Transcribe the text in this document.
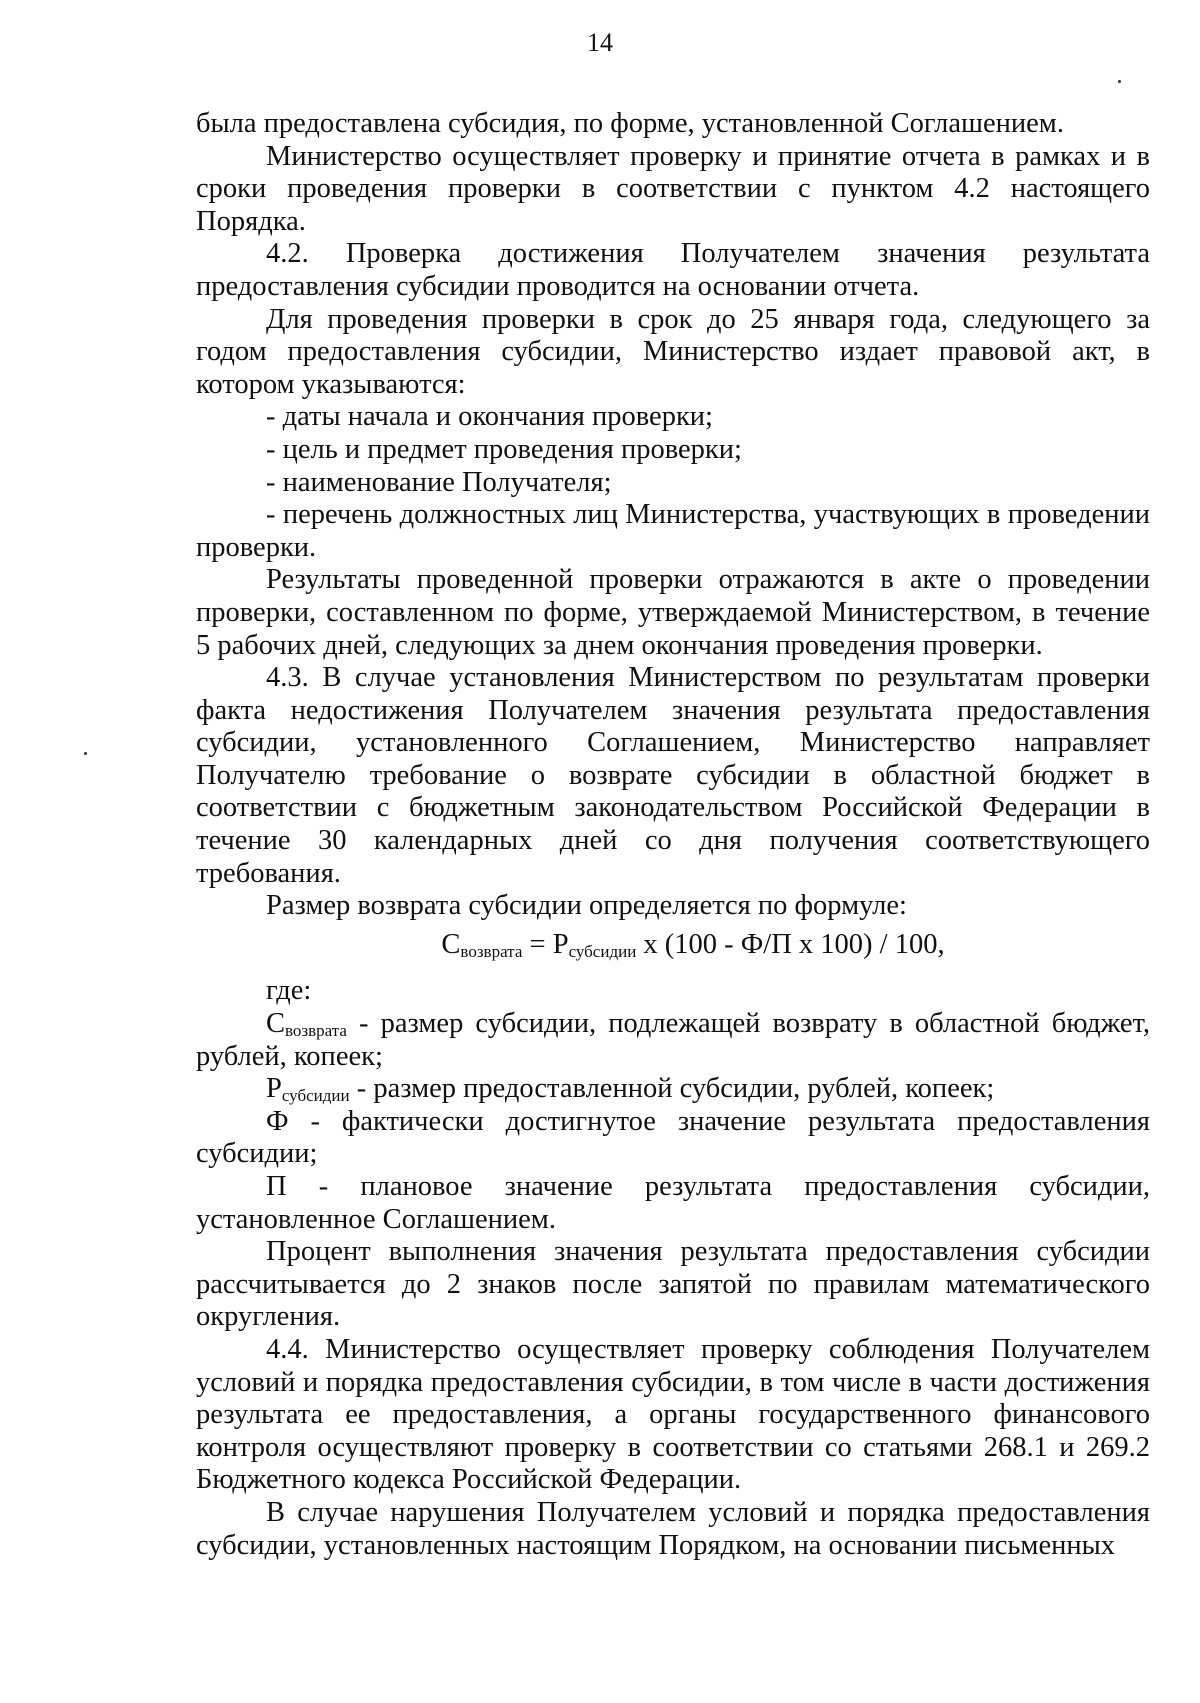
14

была предоставлена субсидия, по форме, установленной Соглашением.

Министерство осуществляет проверку и принятие отчета в рамках и в сроки проведения проверки в соответствии с пунктом 4.2 настоящего Порядка.

4.2. Проверка достижения Получателем значения результата предоставления субсидии проводится на основании отчета.

Для проведения проверки в срок до 25 января года, следующего за годом предоставления субсидии, Министерство издает правовой акт, в котором указываются:

- даты начала и окончания проверки;

- цель и предмет проведения проверки;

- наименование Получателя;

- перечень должностных лиц Министерства, участвующих в проведении проверки.

Результаты проведенной проверки отражаются в акте о проведении проверки, составленном по форме, утверждаемой Министерством, в течение 5 рабочих дней, следующих за днем окончания проведения проверки.

4.3. В случае установления Министерством по результатам проверки факта недостижения Получателем значения результата предоставления субсидии, установленного Соглашением, Министерство направляет Получателю требование о возврате субсидии в областной бюджет в соответствии с бюджетным законодательством Российской Федерации в течение 30 календарных дней со дня получения соответствующего требования.

Размер возврата субсидии определяется по формуле:

$С_{возврата} = Р_{субсидии}$ х (100 - Ф/П х 100) / 100,

где:

$С_{возврата}$ - размер субсидии, подлежащей возврату в областной бюджет, рублей, копеек;

$Р_{субсидии}$ - размер предоставленной субсидии, рублей, копеек;

Ф - фактически достигнутое значение результата предоставления субсидии;

П - плановое значение результата предоставления субсидии, установленное Соглашением.

Процент выполнения значения результата предоставления субсидии рассчитывается до 2 знаков после запятой по правилам математического округления.

4.4. Министерство осуществляет проверку соблюдения Получателем условий и порядка предоставления субсидии, в том числе в части достижения результата ее предоставления, а органы государственного финансового контроля осуществляют проверку в соответствии со статьями 268.1 и 269.2 Бюджетного кодекса Российской Федерации.

В случае нарушения Получателем условий и порядка предоставления субсидии, установленных настоящим Порядком, на основании письменных
